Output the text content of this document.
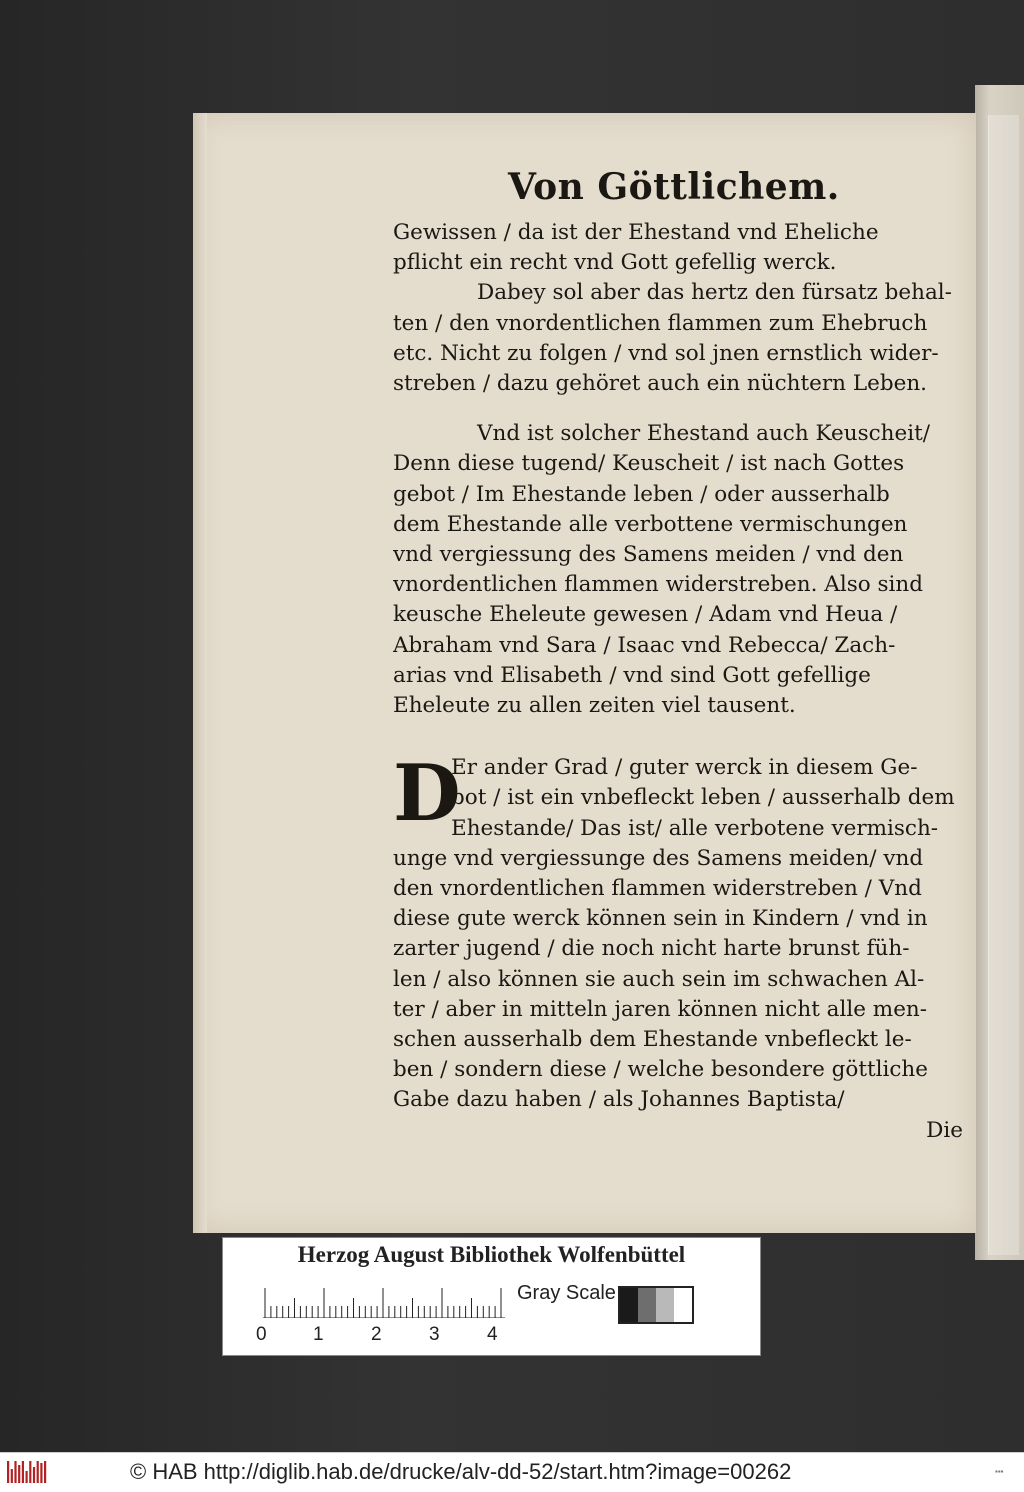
Von Göttlichem.
Gewissen / da ist der Ehestand vnd Eheliche
pflicht ein recht vnd Gott gefellig werck.
Dabey sol aber das hertz den fürsatz behal-
ten / den vnordentlichen flammen zum Ehebruch
etc. Nicht zu folgen / vnd sol jnen ernstlich wider-
streben / dazu gehöret auch ein nüchtern Leben.
Vnd ist solcher Ehestand auch Keuscheit/
Denn diese tugend/ Keuscheit / ist nach Gottes
gebot / Im Ehestande leben / oder ausserhalb
dem Ehestande alle verbottene vermischungen
vnd vergiessung des Samens meiden / vnd den
vnordentlichen flammen widerstreben. Also sind
keusche Eheleute gewesen / Adam vnd Heua /
Abraham vnd Sara / Isaac vnd Rebecca/ Zach-
arias vnd Elisabeth / vnd sind Gott gefellige
Eheleute zu allen zeiten viel tausent.
D
Er ander Grad / guter werck in diesem Ge-
bot / ist ein vnbefleckt leben / ausserhalb dem
Ehestande/ Das ist/ alle verbotene vermisch-
unge vnd vergiessunge des Samens meiden/ vnd
den vnordentlichen flammen widerstreben / Vnd
diese gute werck können sein in Kindern / vnd in
zarter jugend / die noch nicht harte brunst füh-
len / also können sie auch sein im schwachen Al-
ter / aber in mitteln jaren können nicht alle men-
schen ausserhalb dem Ehestande vnbefleckt le-
ben / sondern diese / welche besondere göttliche
Gabe dazu haben / als Johannes Baptista/
Die
Herzog August Bibliothek Wolfenbüttel
0 1 2 3 4
Gray Scale
© HAB http://diglib.hab.de/drucke/alv-dd-52/start.htm?image=00262	▪▪▪
